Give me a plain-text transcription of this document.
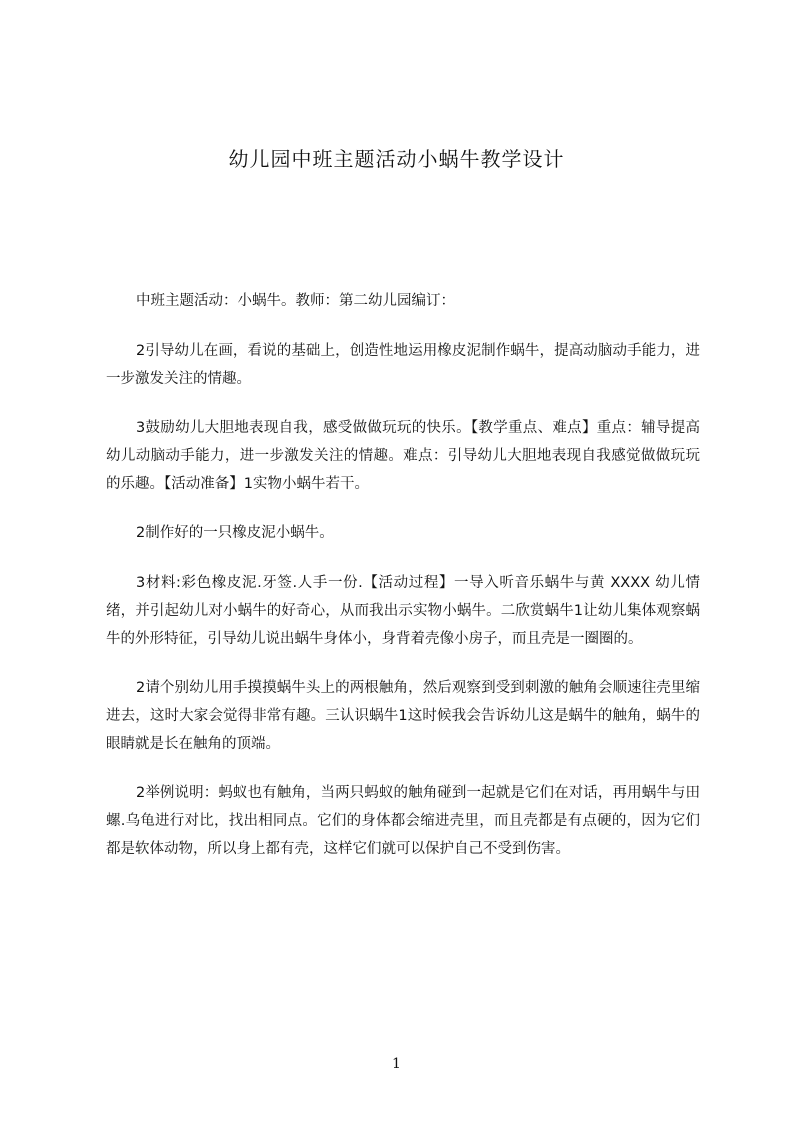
幼儿园中班主题活动小蜗牛教学设计

中班主题活动：小蜗牛。教师：第二幼儿园编订：

2引导幼儿在画，看说的基础上，创造性地运用橡皮泥制作蜗牛，提高动脑动手能力，进一步激发关注的情趣。

3鼓励幼儿大胆地表现自我，感受做做玩玩的快乐。【教学重点、难点】重点：辅导提高幼儿动脑动手能力，进一步激发关注的情趣。难点：引导幼儿大胆地表现自我感觉做做玩玩的乐趣。【活动准备】1实物小蜗牛若干。

2制作好的一只橡皮泥小蜗牛。

3材料:彩色橡皮泥.牙签.人手一份.【活动过程】一导入听音乐蜗牛与黄 XXXX 幼儿情绪，并引起幼儿对小蜗牛的好奇心，从而我出示实物小蜗牛。二欣赏蜗牛1让幼儿集体观察蜗牛的外形特征，引导幼儿说出蜗牛身体小，身背着壳像小房子，而且壳是一圈圈的。

2请个别幼儿用手摸摸蜗牛头上的两根触角，然后观察到受到刺激的触角会顺速往壳里缩进去，这时大家会觉得非常有趣。三认识蜗牛1这时候我会告诉幼儿这是蜗牛的触角，蜗牛的眼睛就是长在触角的顶端。

2举例说明：蚂蚁也有触角，当两只蚂蚁的触角碰到一起就是它们在对话，再用蜗牛与田螺.乌龟进行对比，找出相同点。它们的身体都会缩进壳里，而且壳都是有点硬的，因为它们都是软体动物，所以身上都有壳，这样它们就可以保护自己不受到伤害。

1
